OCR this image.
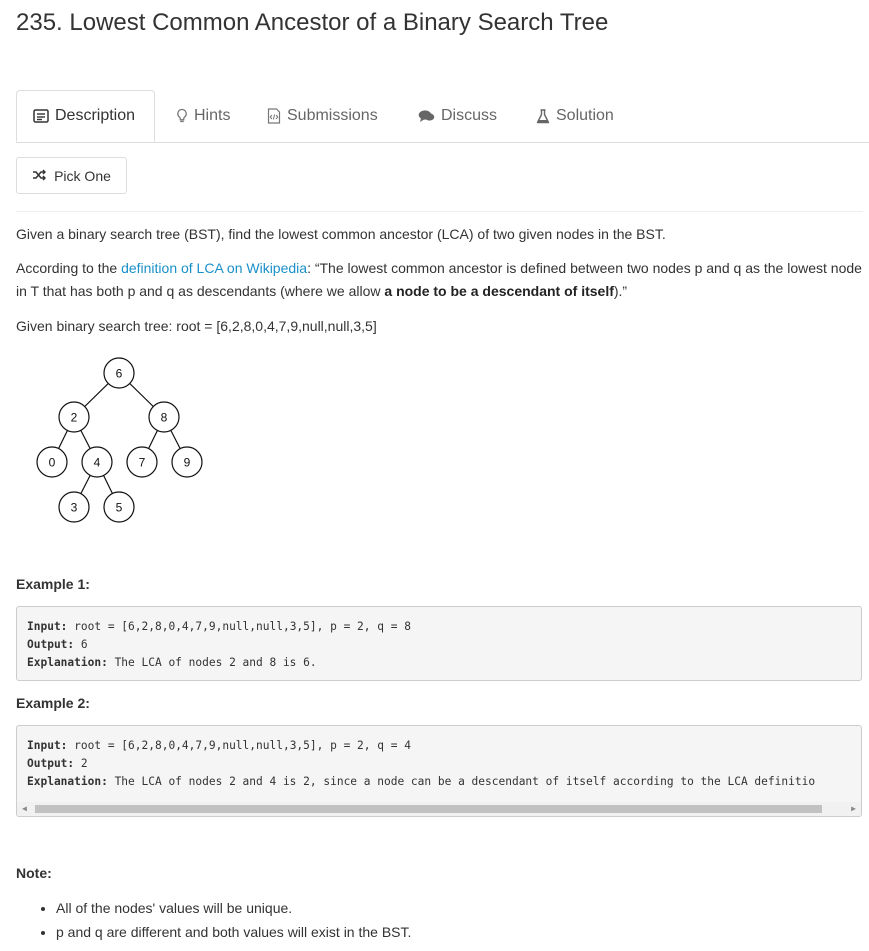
235. Lowest Common Ancestor of a Binary Search Tree
Description	Hints	Submissions	Discuss	Solution
Pick One

Given a binary search tree (BST), find the lowest common ancestor (LCA) of two given nodes in the BST.

According to the definition of LCA on Wikipedia: “The lowest common ancestor is defined between two nodes p and q as the lowest node in T that has both p and q as descendants (where we allow a node to be a descendant of itself).”

Given binary search tree: root = [6,2,8,0,4,7,9,null,null,3,5]

6
2	8
0	4	7	9
3	5
Example 1:
Input: root = [6,2,8,0,4,7,9,null,null,3,5], p = 2, q = 8
Output: 6
Explanation: The LCA of nodes 2 and 8 is 6.
Example 2:
Input: root = [6,2,8,0,4,7,9,null,null,3,5], p = 2, q = 4
Output: 2
Explanation: The LCA of nodes 2 and 4 is 2, since a node can be a descendant of itself according to the LCA definitio
◀	▶
Note:
• All of the nodes' values will be unique.
• p and q are different and both values will exist in the BST.
